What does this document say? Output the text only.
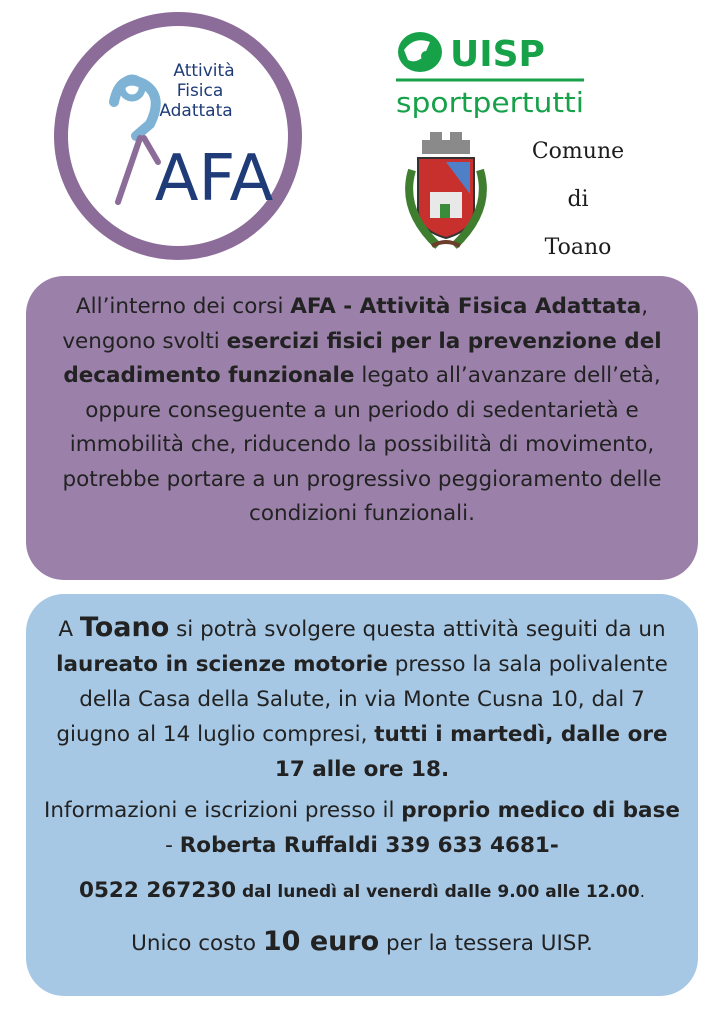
Attività
Fisica
Adattata
AFA
UISP
sportpertutti
Comune
di
Toano

All’interno dei corsi AFA - Attività Fisica Adattata, vengono svolti esercizi fisici per la prevenzione del decadimento funzionale legato all’avanzare dell’età, oppure conseguente a un periodo di sedentarietà e immobilità che, riducendo la possibilità di movimento, potrebbe portare a un progressivo peggioramento delle condizioni funzionali.

A Toano si potrà svolgere questa attività seguiti da un laureato in scienze motorie presso la sala polivalente della Casa della Salute, in via Monte Cusna 10, dal 7 giugno al 14 luglio compresi, tutti i martedì, dalle ore 17 alle ore 18.

Informazioni e iscrizioni presso il proprio medico di base - Roberta Ruffaldi 339 633 4681-

0522 267230 dal lunedì al venerdì dalle 9.00 alle 12.00.

Unico costo 10 euro per la tessera UISP.
